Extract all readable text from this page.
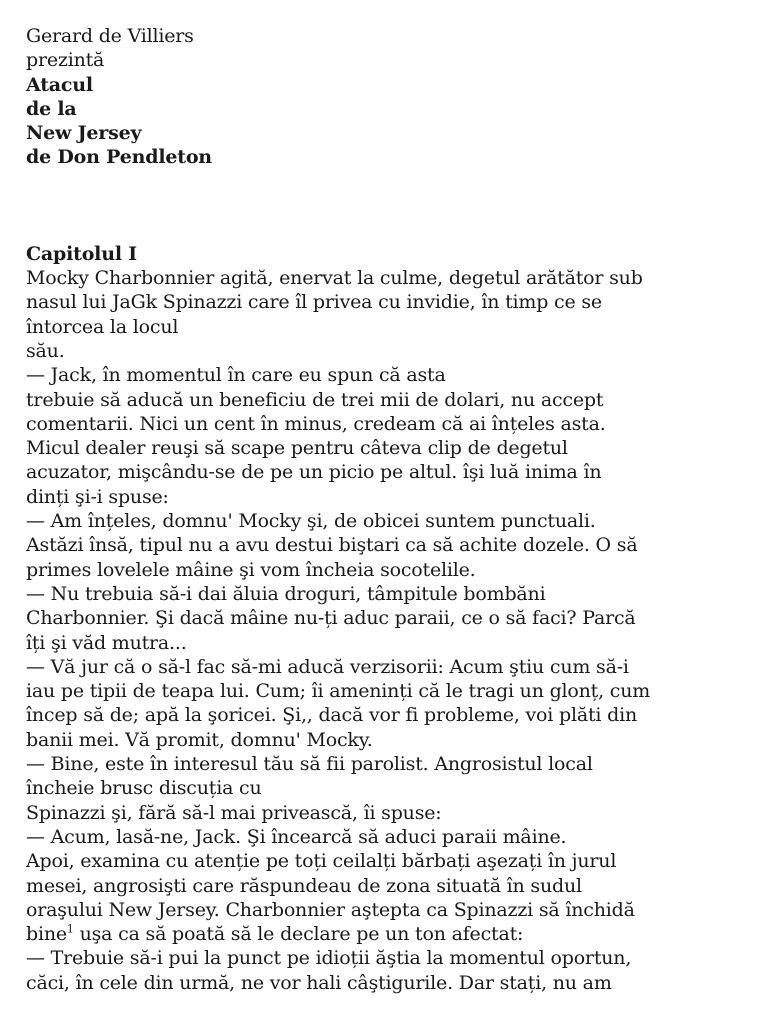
Gerard de Villiers
prezintă
Atacul
de la
New Jersey
de Don Pendleton
Capitolul I
Mocky Charbonnier agită, enervat la culme, degetul arătător sub
nasul lui JaGk Spinazzi care îl privea cu invidie, în timp ce se
întorcea la locul
său.
— Jack, în momentul în care eu spun că asta
trebuie să aducă un beneficiu de trei mii de dolari, nu accept
comentarii. Nici un cent în minus, credeam că ai înțeles asta.
Micul dealer reuşi să scape pentru câteva clip de degetul
acuzator, mişcându-se de pe un picio pe altul. îşi luă inima în
dinți şi-i spuse:
— Am înțeles, domnu' Mocky şi, de obicei suntem punctuali.
Astăzi însă, tipul nu a avu destui biştari ca să achite dozele. O să
primes lovelele mâine şi vom încheia socotelile.
— Nu trebuia să-i dai ăluia droguri, tâmpitule bombăni
Charbonnier. Şi dacă mâine nu-ți aduc paraii, ce o să faci? Parcă
îți şi văd mutra...
— Vă jur că o să-l fac să-mi aducă verzisorii: Acum ştiu cum să-i
iau pe tipii de teapa lui. Cum; îi ameninți că le tragi un glonț, cum
încep să de; apă la şoricei. Şi,, dacă vor fi probleme, voi plăti din
banii mei. Vă promit, domnu' Mocky.
— Bine, este în interesul tău să fii parolist. Angrosistul local
încheie brusc discuția cu
Spinazzi şi, fără să-l mai privească, îi spuse:
— Acum, lasă-ne, Jack. Şi încearcă să aduci paraii mâine.
Apoi, examina cu atenție pe toți ceilalți bărbați aşezați în jurul
mesei, angrosişti care răspundeau de zona situată în sudul
oraşului New Jersey. Charbonnier aştepta ca Spinazzi să închidă
bine$^1$ uşa ca să poată să le declare pe un ton afectat:
— Trebuie să-i pui la punct pe idioții ăştia la momentul oportun,
căci, în cele din urmă, ne vor hali câştigurile. Dar stați, nu am
